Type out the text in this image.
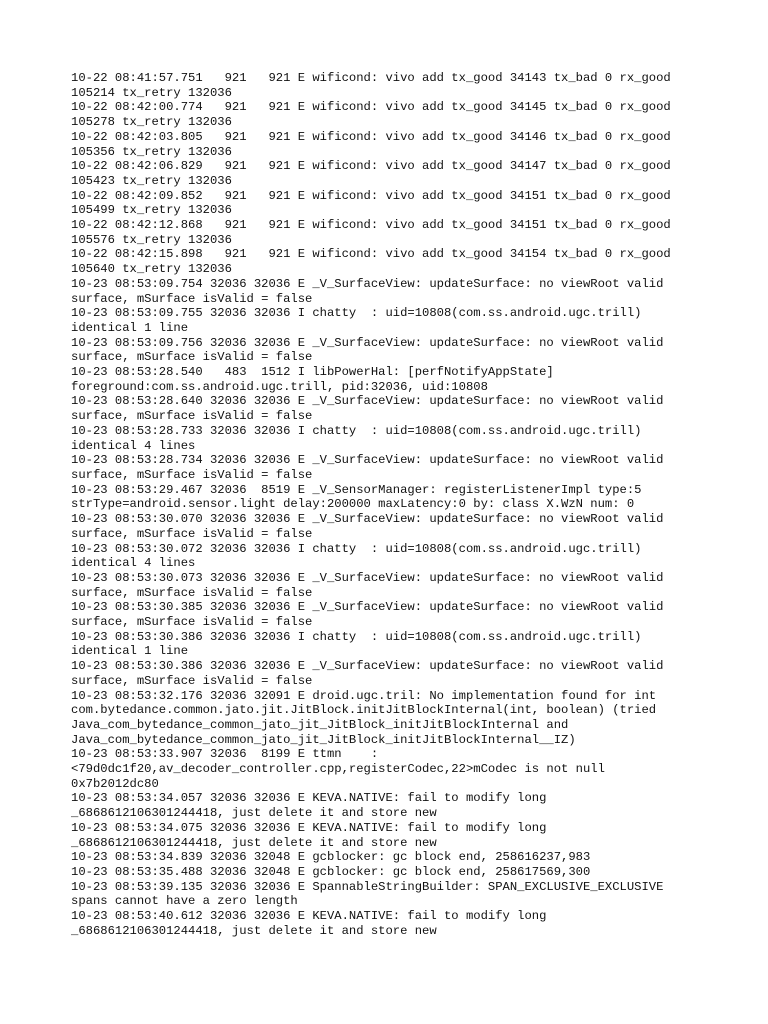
10-22 08:41:57.751   921   921 E wificond: vivo add tx_good 34143 tx_bad 0 rx_good
105214 tx_retry 132036
10-22 08:42:00.774   921   921 E wificond: vivo add tx_good 34145 tx_bad 0 rx_good
105278 tx_retry 132036
10-22 08:42:03.805   921   921 E wificond: vivo add tx_good 34146 tx_bad 0 rx_good
105356 tx_retry 132036
10-22 08:42:06.829   921   921 E wificond: vivo add tx_good 34147 tx_bad 0 rx_good
105423 tx_retry 132036
10-22 08:42:09.852   921   921 E wificond: vivo add tx_good 34151 tx_bad 0 rx_good
105499 tx_retry 132036
10-22 08:42:12.868   921   921 E wificond: vivo add tx_good 34151 tx_bad 0 rx_good
105576 tx_retry 132036
10-22 08:42:15.898   921   921 E wificond: vivo add tx_good 34154 tx_bad 0 rx_good
105640 tx_retry 132036
10-23 08:53:09.754 32036 32036 E _V_SurfaceView: updateSurface: no viewRoot valid
surface, mSurface isValid = false
10-23 08:53:09.755 32036 32036 I chatty  : uid=10808(com.ss.android.ugc.trill)
identical 1 line
10-23 08:53:09.756 32036 32036 E _V_SurfaceView: updateSurface: no viewRoot valid
surface, mSurface isValid = false
10-23 08:53:28.540   483  1512 I libPowerHal: [perfNotifyAppState]
foreground:com.ss.android.ugc.trill, pid:32036, uid:10808
10-23 08:53:28.640 32036 32036 E _V_SurfaceView: updateSurface: no viewRoot valid
surface, mSurface isValid = false
10-23 08:53:28.733 32036 32036 I chatty  : uid=10808(com.ss.android.ugc.trill)
identical 4 lines
10-23 08:53:28.734 32036 32036 E _V_SurfaceView: updateSurface: no viewRoot valid
surface, mSurface isValid = false
10-23 08:53:29.467 32036  8519 E _V_SensorManager: registerListenerImpl type:5
strType=android.sensor.light delay:200000 maxLatency:0 by: class X.WzN num: 0
10-23 08:53:30.070 32036 32036 E _V_SurfaceView: updateSurface: no viewRoot valid
surface, mSurface isValid = false
10-23 08:53:30.072 32036 32036 I chatty  : uid=10808(com.ss.android.ugc.trill)
identical 4 lines
10-23 08:53:30.073 32036 32036 E _V_SurfaceView: updateSurface: no viewRoot valid
surface, mSurface isValid = false
10-23 08:53:30.385 32036 32036 E _V_SurfaceView: updateSurface: no viewRoot valid
surface, mSurface isValid = false
10-23 08:53:30.386 32036 32036 I chatty  : uid=10808(com.ss.android.ugc.trill)
identical 1 line
10-23 08:53:30.386 32036 32036 E _V_SurfaceView: updateSurface: no viewRoot valid
surface, mSurface isValid = false
10-23 08:53:32.176 32036 32091 E droid.ugc.tril: No implementation found for int
com.bytedance.common.jato.jit.JitBlock.initJitBlockInternal(int, boolean) (tried
Java_com_bytedance_common_jato_jit_JitBlock_initJitBlockInternal and
Java_com_bytedance_common_jato_jit_JitBlock_initJitBlockInternal__IZ)
10-23 08:53:33.907 32036  8199 E ttmn    :
<79d0dc1f20,av_decoder_controller.cpp,registerCodec,22>mCodec is not null
0x7b2012dc80
10-23 08:53:34.057 32036 32036 E KEVA.NATIVE: fail to modify long
_6868612106301244418, just delete it and store new
10-23 08:53:34.075 32036 32036 E KEVA.NATIVE: fail to modify long
_6868612106301244418, just delete it and store new
10-23 08:53:34.839 32036 32048 E gcblocker: gc block end, 258616237,983
10-23 08:53:35.488 32036 32048 E gcblocker: gc block end, 258617569,300
10-23 08:53:39.135 32036 32036 E SpannableStringBuilder: SPAN_EXCLUSIVE_EXCLUSIVE
spans cannot have a zero length
10-23 08:53:40.612 32036 32036 E KEVA.NATIVE: fail to modify long
_6868612106301244418, just delete it and store new
